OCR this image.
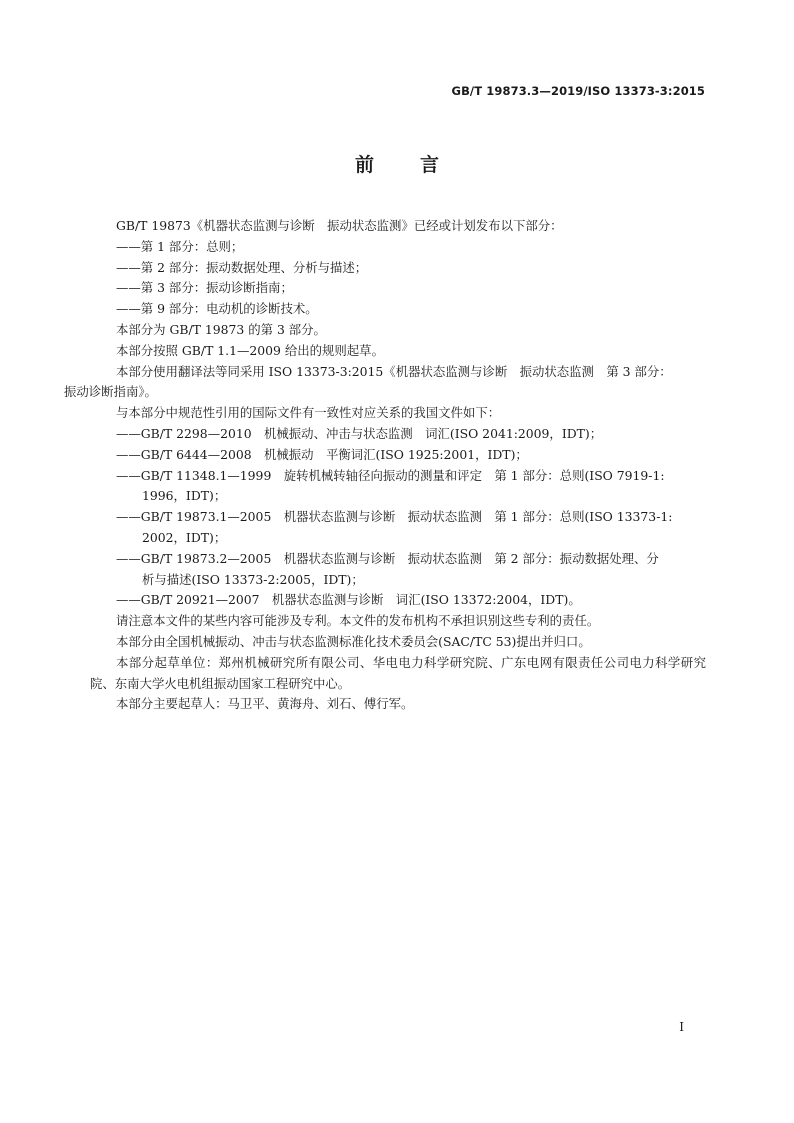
GB/T 19873.3—2019/ISO 13373-3:2015
前言

GB/T 19873《机器状态监测与诊断　振动状态监测》已经或计划发布以下部分：

——第 1 部分：总则；

——第 2 部分：振动数据处理、分析与描述；

——第 3 部分：振动诊断指南；

——第 9 部分：电动机的诊断技术。

本部分为 GB/T 19873 的第 3 部分。

本部分按照 GB/T 1.1—2009 给出的规则起草。

本部分使用翻译法等同采用 ISO 13373-3:2015《机器状态监测与诊断　振动状态监测　第 3 部分：
振动诊断指南》。

与本部分中规范性引用的国际文件有一致性对应关系的我国文件如下：

——GB/T 2298—2010　机械振动、冲击与状态监测　词汇(ISO 2041:2009，IDT)；

——GB/T 6444—2008　机械振动　平衡词汇(ISO 1925:2001，IDT)；

——GB/T 11348.1—1999　旋转机械转轴径向振动的测量和评定　第 1 部分：总则(ISO 7919-1:
1996，IDT)；

——GB/T 19873.1—2005　机器状态监测与诊断　振动状态监测　第 1 部分：总则(ISO 13373-1:
2002，IDT)；

——GB/T 19873.2—2005　机器状态监测与诊断　振动状态监测　第 2 部分：振动数据处理、分
析与描述(ISO 13373-2:2005，IDT)；

——GB/T 20921—2007　机器状态监测与诊断　词汇(ISO 13372:2004，IDT)。

请注意本文件的某些内容可能涉及专利。本文件的发布机构不承担识别这些专利的责任。

本部分由全国机械振动、冲击与状态监测标准化技术委员会(SAC/TC 53)提出并归口。

本部分起草单位：郑州机械研究所有限公司、华电电力科学研究院、广东电网有限责任公司电力科学研究院、东南大学火电机组振动国家工程研究中心。

本部分主要起草人：马卫平、黄海舟、刘石、傅行军。

I
